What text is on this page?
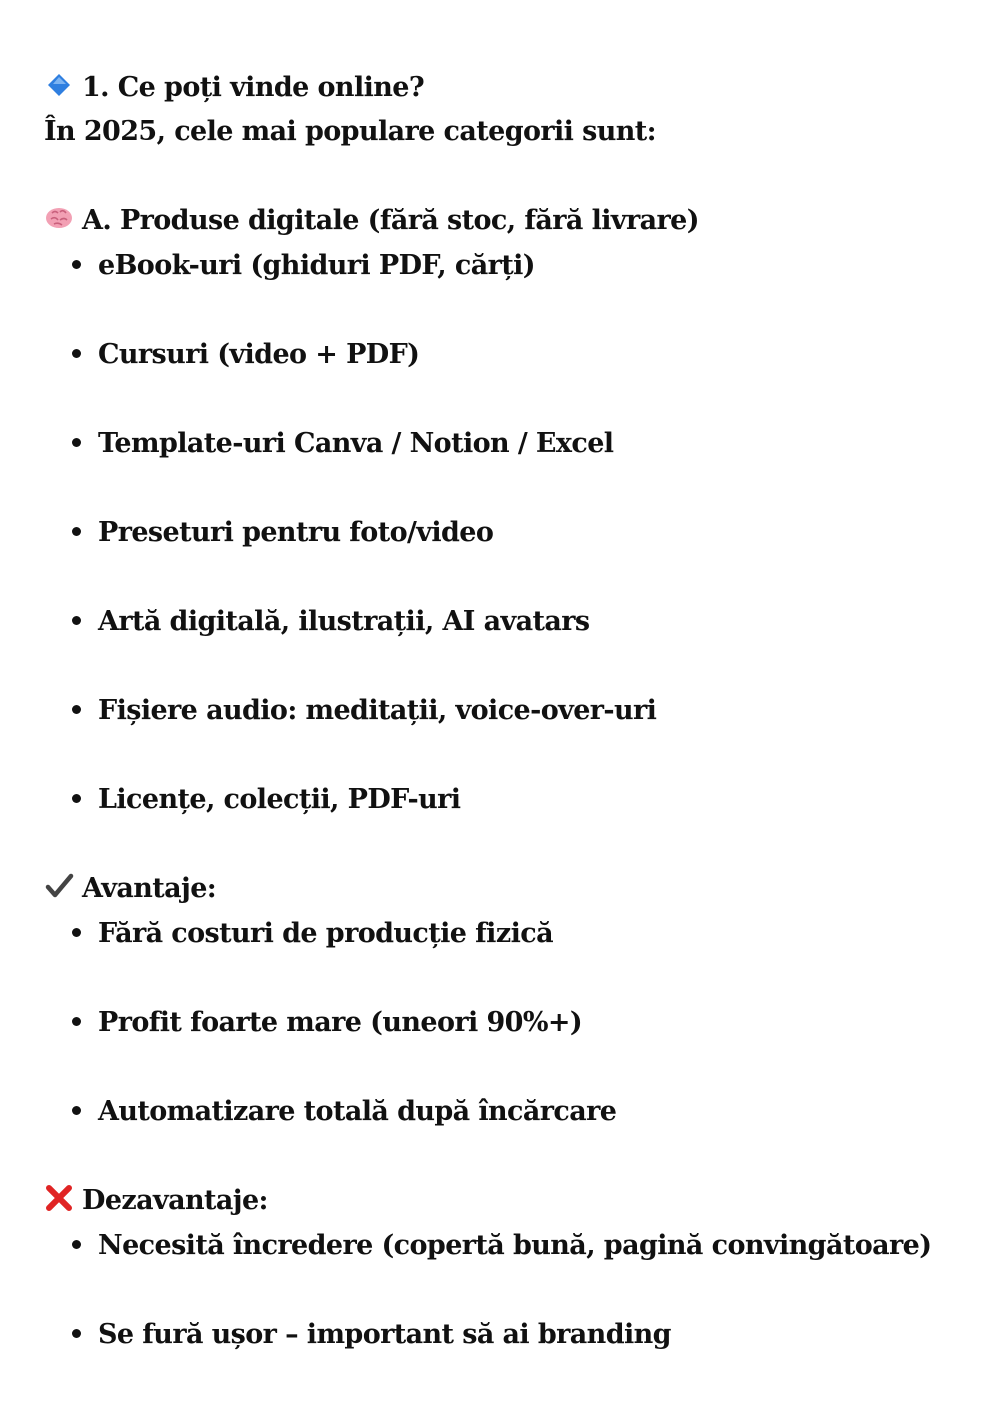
1. Ce poți vinde online?
În 2025, cele mai populare categorii sunt:
A. Produse digitale (fără stoc, fără livrare)
eBook-uri (ghiduri PDF, cărți)
Cursuri (video + PDF)
Template-uri Canva / Notion / Excel
Preseturi pentru foto/video
Artă digitală, ilustrații, AI avatars
Fișiere audio: meditații, voice-over-uri
Licențe, colecții, PDF-uri
Avantaje:
Fără costuri de producție fizică
Profit foarte mare (uneori 90%+)
Automatizare totală după încărcare
Dezavantaje:
Necesită încredere (copertă bună, pagină convingătoare)
Se fură ușor – important să ai branding
